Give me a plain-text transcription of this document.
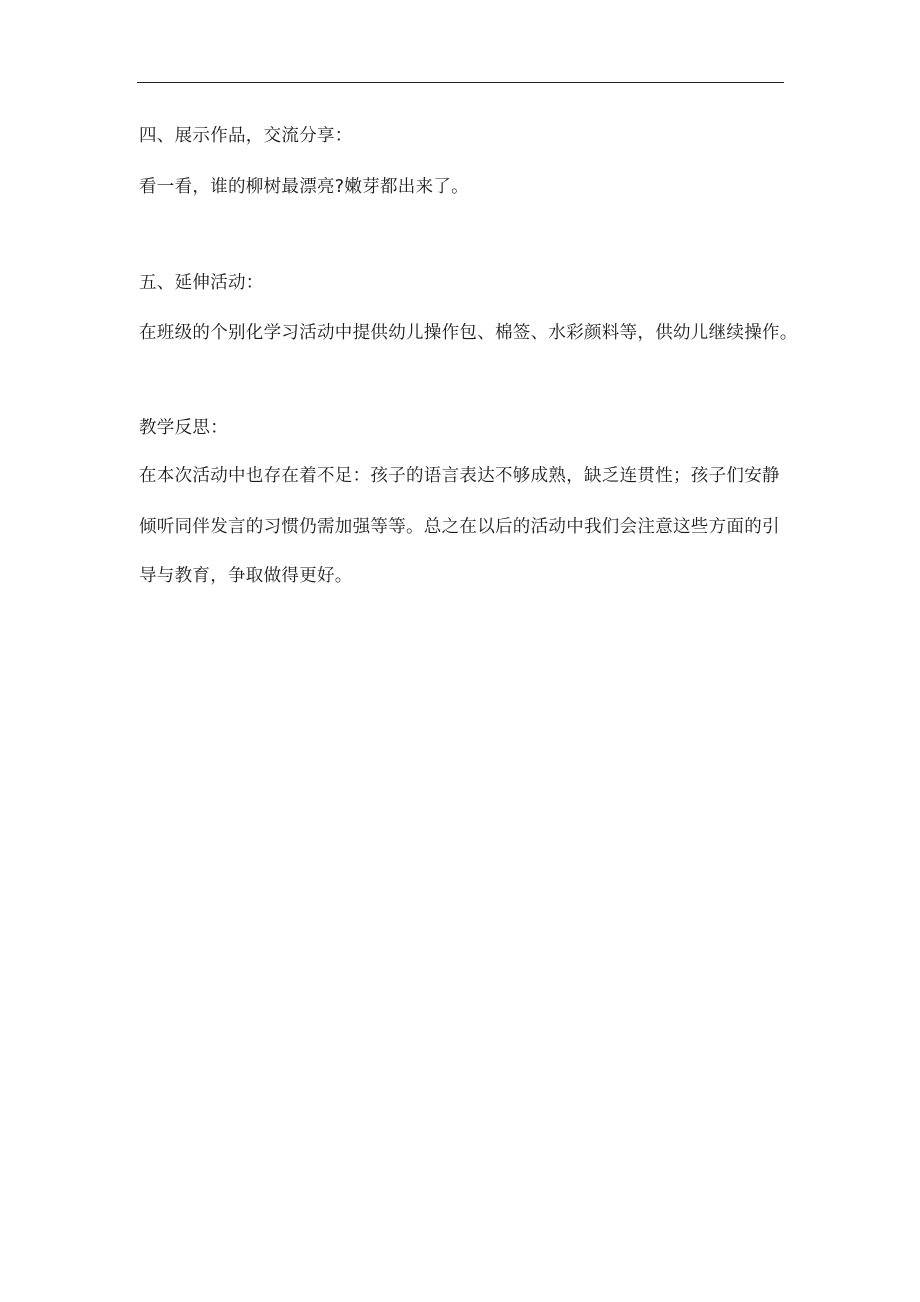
四、展示作品，交流分享：
看一看，谁的柳树最漂亮?嫩芽都出来了。
五、延伸活动：
在班级的个别化学习活动中提供幼儿操作包、棉签、水彩颜料等，供幼儿继续操作。
教学反思：
在本次活动中也存在着不足：孩子的语言表达不够成熟，缺乏连贯性；孩子们安静
倾听同伴发言的习惯仍需加强等等。总之在以后的活动中我们会注意这些方面的引
导与教育，争取做得更好。
